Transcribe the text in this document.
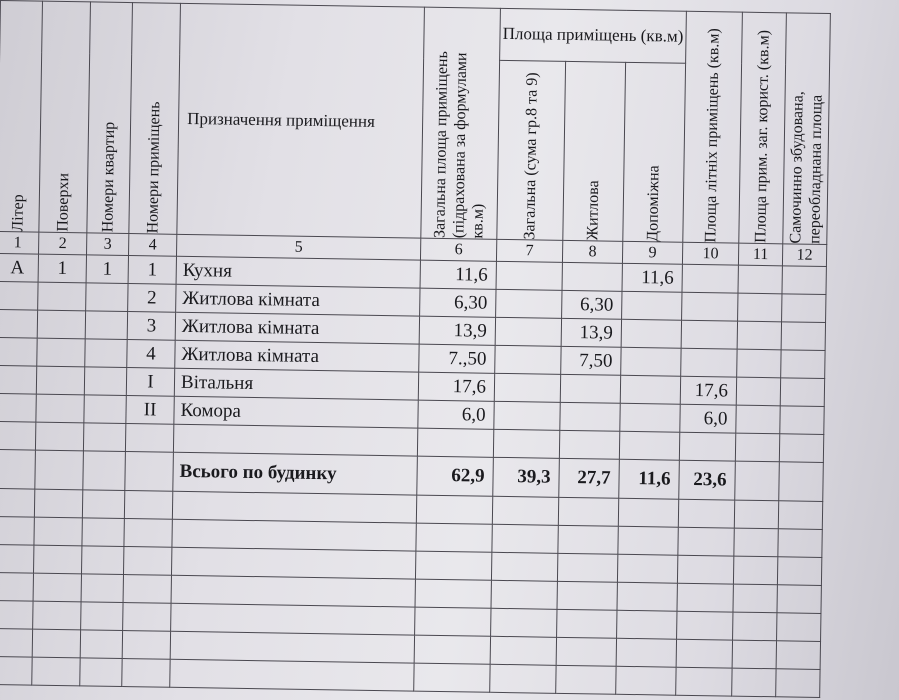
Літер	Поверхи	Номери квартир	Номери приміщень	Призначення приміщення	Загальна площа приміщень (підрахована за формулами кв.м)	Площа приміщень (кв.м)			Площа літніх приміщень (кв.м)	Площа прим. заг. корист. (кв.м)	Самочинно збудована, переобладнана площа

						Загальна (сума гр.8 та 9)	Житлова	Допоміжна			

1	2	3	4	5	6	7	8	9	10	11	12
А	1	1	1	Кухня	11,6			11,6			
			2	Житлова кімната	6,30		6,30				
			3	Житлова кімната	13,9		13,9				
			4	Житлова кімната	7.,50		7,50				
			I	Вітальня	17,6				17,6		
			II	Комора	6,0				6,0		

				Всього по будинку	62,9	39,3	27,7	11,6	23,6		
